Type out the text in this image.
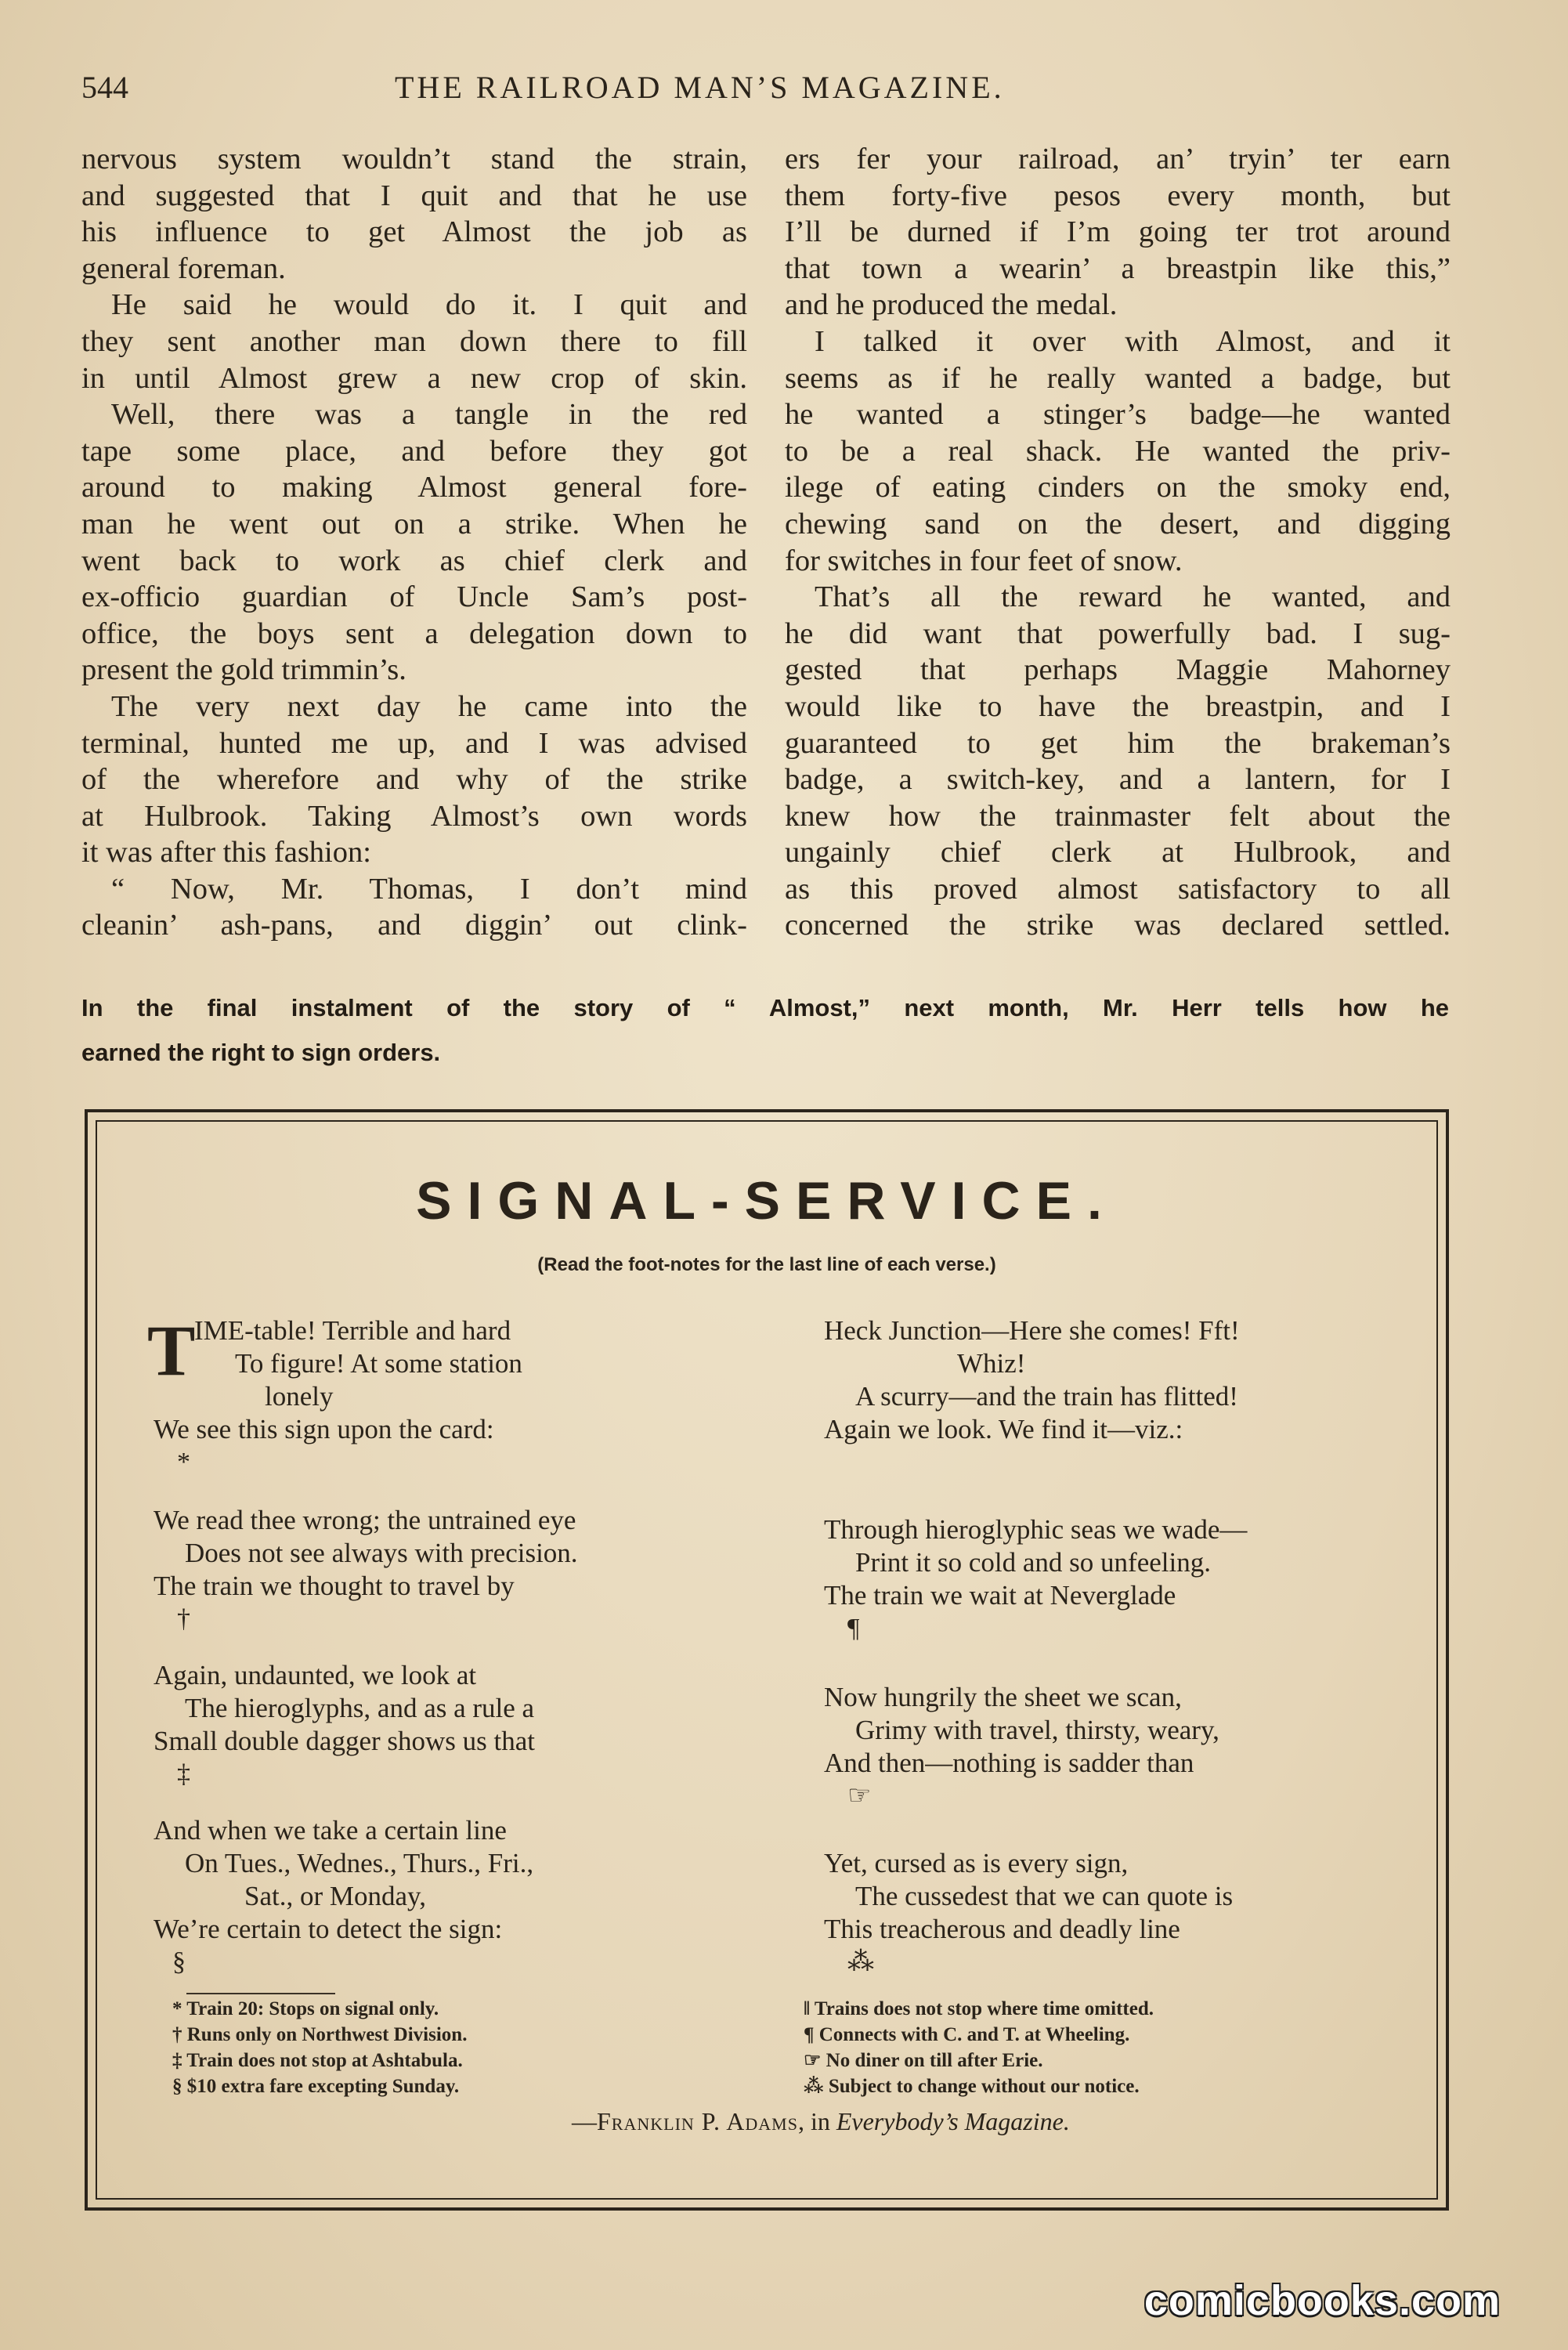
544	THE RAILROAD MAN’S MAGAZINE.
nervous system wouldn’t stand the strain,
and suggested that I quit and that he use
his influence to get Almost the job as
general foreman.
He said he would do it. I quit and
they sent another man down there to fill
in until Almost grew a new crop of skin.
Well, there was a tangle in the red
tape some place, and before they got
around to making Almost general fore-
man he went out on a strike. When he
went back to work as chief clerk and
ex-officio guardian of Uncle Sam’s post-
office, the boys sent a delegation down to
present the gold trimmin’s.
The very next day he came into the
terminal, hunted me up, and I was advised
of the wherefore and why of the strike
at Hulbrook. Taking Almost’s own words
it was after this fashion:
“ Now, Mr. Thomas, I don’t mind
cleanin’ ash-pans, and diggin’ out clink-
ers fer your railroad, an’ tryin’ ter earn
them forty-five pesos every month, but
I’ll be durned if I’m going ter trot around
that town a wearin’ a breastpin like this,”
and he produced the medal.
I talked it over with Almost, and it
seems as if he really wanted a badge, but
he wanted a stinger’s badge—he wanted
to be a real shack. He wanted the priv-
ilege of eating cinders on the smoky end,
chewing sand on the desert, and digging
for switches in four feet of snow.
That’s all the reward he wanted, and
he did want that powerfully bad. I sug-
gested that perhaps Maggie Mahorney
would like to have the breastpin, and I
guaranteed to get him the brakeman’s
badge, a switch-key, and a lantern, for I
knew how the trainmaster felt about the
ungainly chief clerk at Hulbrook, and
as this proved almost satisfactory to all
concerned the strike was declared settled.
In the final instalment of the story of “ Almost,” next month, Mr. Herr tells how he
earned the right to sign orders.
SIGNAL-SERVICE.
(Read the foot-notes for the last line of each verse.)
T
IME-table! Terrible and hard
To figure! At some station
lonely
We see this sign upon the card:
*
We read thee wrong; the untrained eye
Does not see always with precision.
The train we thought to travel by
†
Again, undaunted, we look at
The hieroglyphs, and as a rule a
Small double dagger shows us that
‡
And when we take a certain line
On Tues., Wednes., Thurs., Fri.,
Sat., or Monday,
We’re certain to detect the sign:
§
Heck Junction—Here she comes! Fft!
Whiz!
A scurry—and the train has flitted!
Again we look. We find it—viz.:
Through hieroglyphic seas we wade—
Print it so cold and so unfeeling.
The train we wait at Neverglade
¶
Now hungrily the sheet we scan,
Grimy with travel, thirsty, weary,
And then—nothing is sadder than
☞
Yet, cursed as is every sign,
The cussedest that we can quote is
This treacherous and deadly line
⁂
* Train 20: Stops on signal only.
† Runs only on Northwest Division.
‡ Train does not stop at Ashtabula.
§ $10 extra fare excepting Sunday.
‖ Trains does not stop where time omitted.
¶ Connects with C. and T. at Wheeling.
☞ No diner on till after Erie.
⁂ Subject to change without our notice.
—Franklin P. Adams, in Everybody’s Magazine.
comicbooks.com
